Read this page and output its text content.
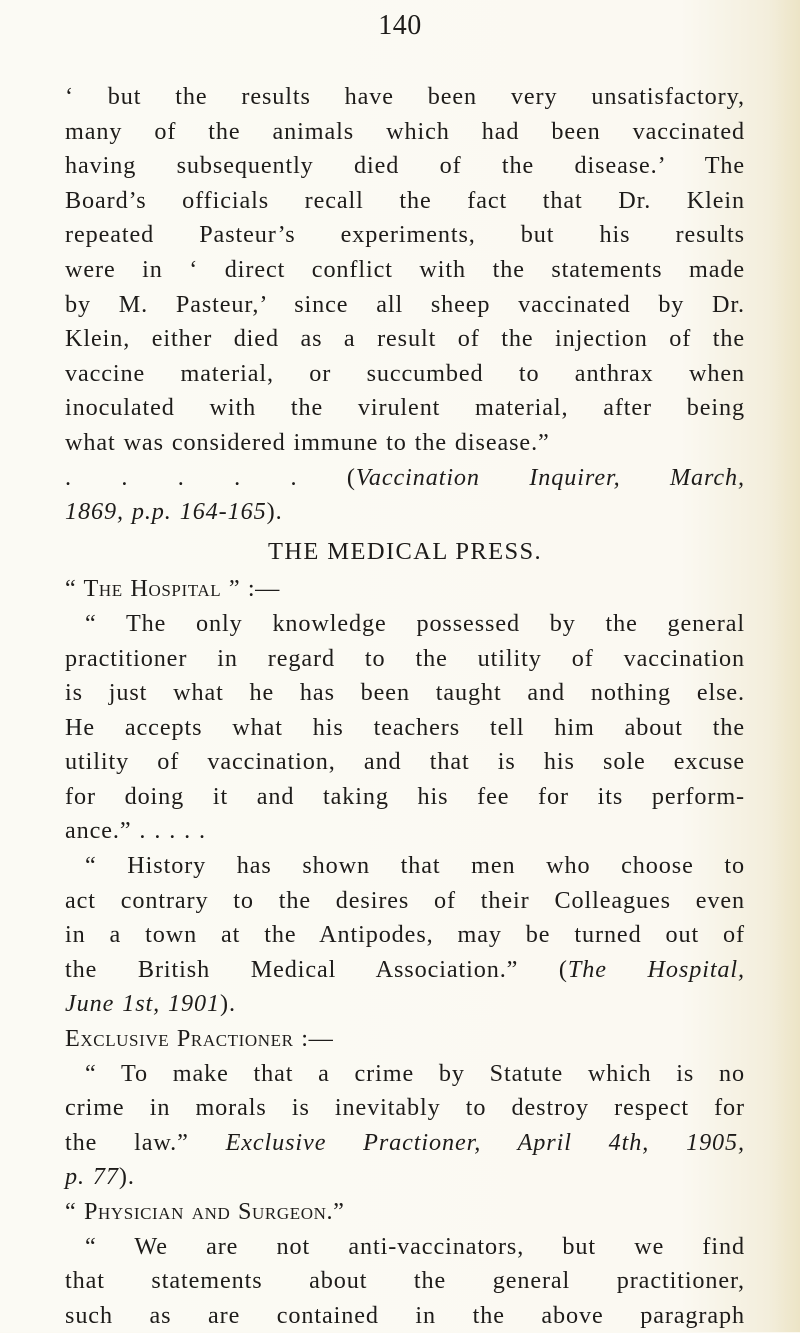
140

‘ but the results have been very unsatisfactory,

many of the animals which had been vaccinated

having subsequently died of the disease.’ The

Board’s officials recall the fact that Dr. Klein

repeated Pasteur’s experiments, but his results

were in ‘ direct conflict with the statements made

by M. Pasteur,’ since all sheep vaccinated by Dr.

Klein, either died as a result of the injection of the

vaccine material, or succumbed to anthrax when

inoculated with the virulent material, after being

what was considered immune to the disease.”

. . . . . (Vaccination Inquirer, March,

1869, p.p. 164-165).

THE MEDICAL PRESS.

“ The Hospital ” :—

“ The only knowledge possessed by the general

practitioner in regard to the utility of vaccination

is just what he has been taught and nothing else.

He accepts what his teachers tell him about the

utility of vaccination, and that is his sole excuse

for doing it and taking his fee for its perform-

ance.” . . . . .

“ History has shown that men who choose to

act contrary to the desires of their Colleagues even

in a town at the Antipodes, may be turned out of

the British Medical Association.” (The Hospital,

June 1st, 1901).

Exclusive Practioner :—

“ To make that a crime by Statute which is no

crime in morals is inevitably to destroy respect for

the law.” Exclusive Practioner, April 4th, 1905,

p. 77).

“ Physician and Surgeon.”

“ We are not anti-vaccinators, but we find

that statements about the general practitioner,

such as are contained in the above paragraph
